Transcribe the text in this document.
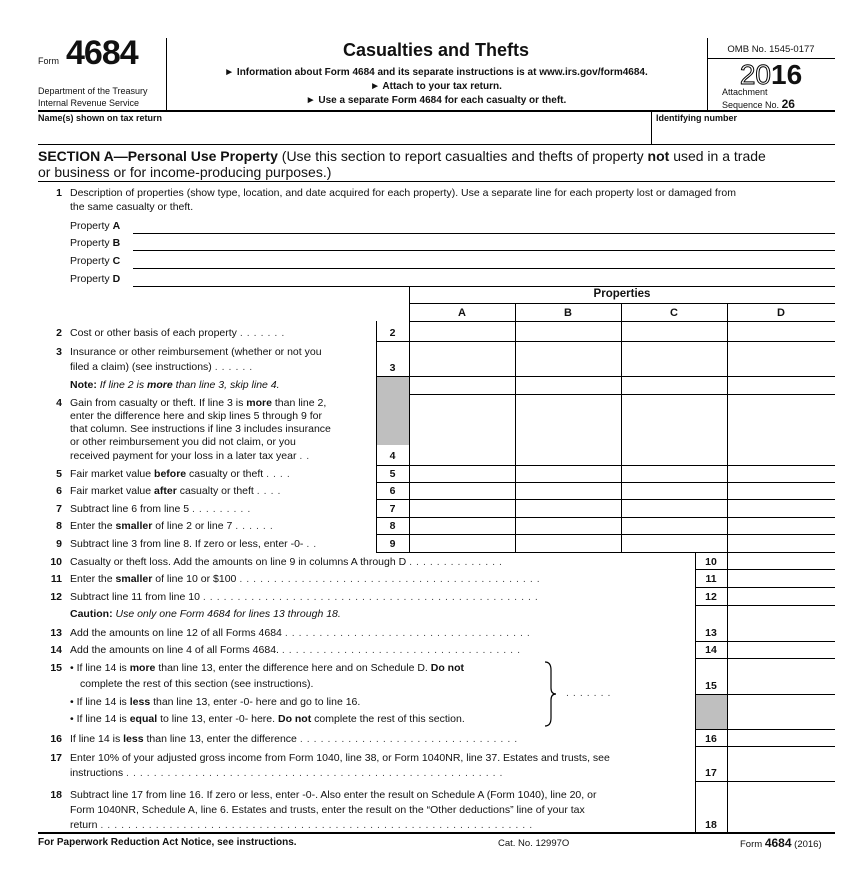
Form 4684
Department of the Treasury
Internal Revenue Service
Casualties and Thefts
► Information about Form 4684 and its separate instructions is at www.irs.gov/form4684.
► Attach to your tax return.
► Use a separate Form 4684 for each casualty or theft.
OMB No. 1545-0177
2016
Attachment
Sequence No. 26
Name(s) shown on tax return	Identifying number
SECTION A—Personal Use Property (Use this section to report casualties and thefts of property not used in a trade
or business or for income-producing purposes.)
1 Description of properties (show type, location, and date acquired for each property). Use a separate line for each property lost or damaged from
the same casualty or theft.
Property A
Property B
Property C
Property D
Properties
A	B	C	D
2 Cost or other basis of each property .......	2
3 Insurance or other reimbursement (whether or not you
filed a claim) (see instructions) ......	3
Note: If line 2 is more than line 3, skip line 4.
4 Gain from casualty or theft. If line 3 is more than line 2,
enter the difference here and skip lines 5 through 9 for
that column. See instructions if line 3 includes insurance
or other reimbursement you did not claim, or you
received payment for your loss in a later tax year ..	4
5 Fair market value before casualty or theft ....	5
6 Fair market value after casualty or theft ....	6
7 Subtract line 6 from line 5 .........	7
8 Enter the smaller of line 2 or line 7 ......	8
9 Subtract line 3 from line 8. If zero or less, enter -0- ..	9
10 Casualty or theft loss. Add the amounts on line 9 in columns A through D ..............	10
11 Enter the smaller of line 10 or $100 ............................................	11
12 Subtract line 11 from line 10 .................................................	12
Caution: Use only one Form 4684 for lines 13 through 18.
13 Add the amounts on line 12 of all Forms 4684 ....................................	13
14 Add the amounts on line 4 of all Forms 4684. ...................................	14
15 • If line 14 is more than line 13, enter the difference here and on Schedule D. Do not
complete the rest of this section (see instructions).
• If line 14 is less than line 13, enter -0- here and go to line 16.
• If line 14 is equal to line 13, enter -0- here. Do not complete the rest of this section.
.......
15
16 If line 14 is less than line 13, enter the difference ................................	16
17 Enter 10% of your adjusted gross income from Form 1040, line 38, or Form 1040NR, line 37. Estates and trusts, see
instructions .......................................................	17
18 Subtract line 17 from line 16. If zero or less, enter -0-. Also enter the result on Schedule A (Form 1040), line 20, or
Form 1040NR, Schedule A, line 6. Estates and trusts, enter the result on the “Other deductions” line of your tax
return ...............................................................	18
For Paperwork Reduction Act Notice, see instructions.	Cat. No. 12997O	Form 4684 (2016)
